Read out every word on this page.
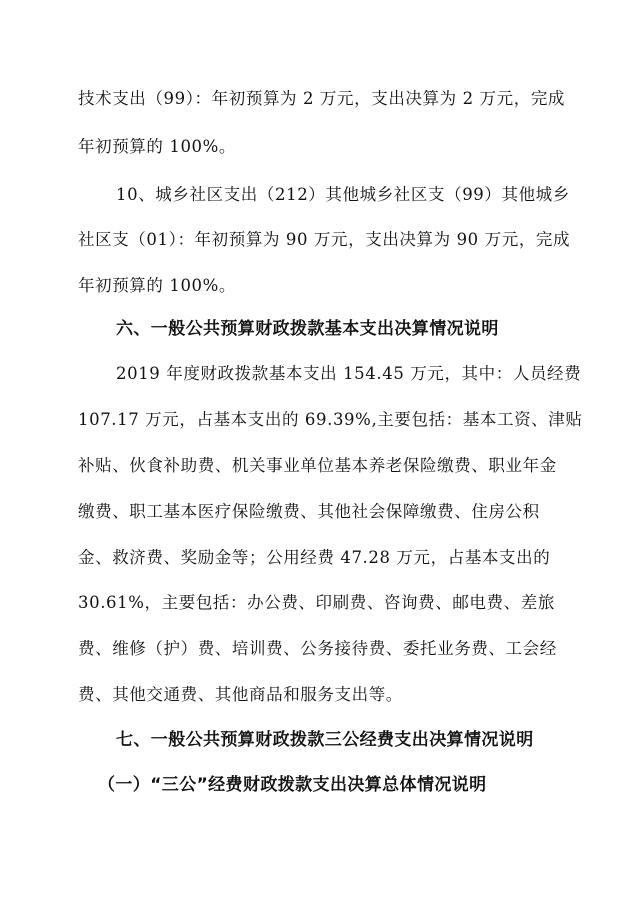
技术支出（99）：年初预算为 2 万元，支出决算为 2 万元，完成
年初预算的 100%。
10、城乡社区支出（212）其他城乡社区支（99）其他城乡
社区支（01）：年初预算为 90 万元，支出决算为 90 万元，完成
年初预算的 100%。
六、一般公共预算财政拨款基本支出决算情况说明
2019 年度财政拨款基本支出 154.45 万元，其中：人员经费
107.17 万元，占基本支出的 69.39%,主要包括：基本工资、津贴
补贴、伙食补助费、机关事业单位基本养老保险缴费、职业年金
缴费、职工基本医疗保险缴费、其他社会保障缴费、住房公积
金、救济费、奖励金等；公用经费 47.28 万元，占基本支出的
30.61%，主要包括：办公费、印刷费、咨询费、邮电费、差旅
费、维修（护）费、培训费、公务接待费、委托业务费、工会经
费、其他交通费、其他商品和服务支出等。
七、一般公共预算财政拨款三公经费支出决算情况说明
（一）“三公”经费财政拨款支出决算总体情况说明
